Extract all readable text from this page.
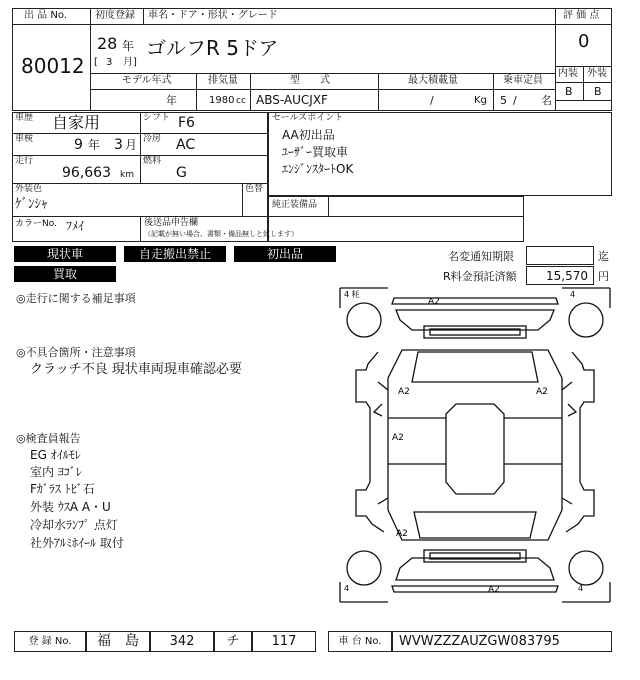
出 品 No.
80012
初度登録 車名・ドア・形状・グレード
28 年
[ 3 月]
ゴルフR 5ドア
評 価 点
0
内装 外装
B B
モデル年式	排気量	型　　式	最大積載量	乗車定員
年	1980 cc ABS-AUCJXF	/	Kg 5 / 名
車歴 自家用	シフト F6
車検	9 年 3 月 冷房 AC
走行
96,663 km
燃料
G
外装色
ｹﾞﾝｼｬ
色替
カラーNo. ﾌﾒｲ	後送品申告欄
（記載が無い場合、書類・備品無しと致します）
セールスポイント
AA初出品
ﾕｰｻﾞｰ買取車
ｴﾝｼﾞﾝｽﾀｰﾄOK
純正装備品
現状車	自走搬出禁止	初出品
買取
名変通知期限	迄
R料金預託済額 15,570 円
◎走行に関する補足事項
◎不具合箇所・注意事項
クラッチ不良 現状車両現車確認必要
◎検査員報告
EG ｵｲﾙﾓﾚ
室内 ﾖｺﾞﾚ
Fｶﾞﾗｽ ﾄﾋﾞ石
外装 ｳｽA A・U
冷却水ﾗﾝﾌﾟ 点灯
社外ｱﾙﾐﾎｲｰﾙ 取付
4 粍	4
4	4
A2
A2	A2
A2
A2
A2
登 録 No.	福　島	342	チ	117	車 台 No.	WVWZZZAUZGW083795
